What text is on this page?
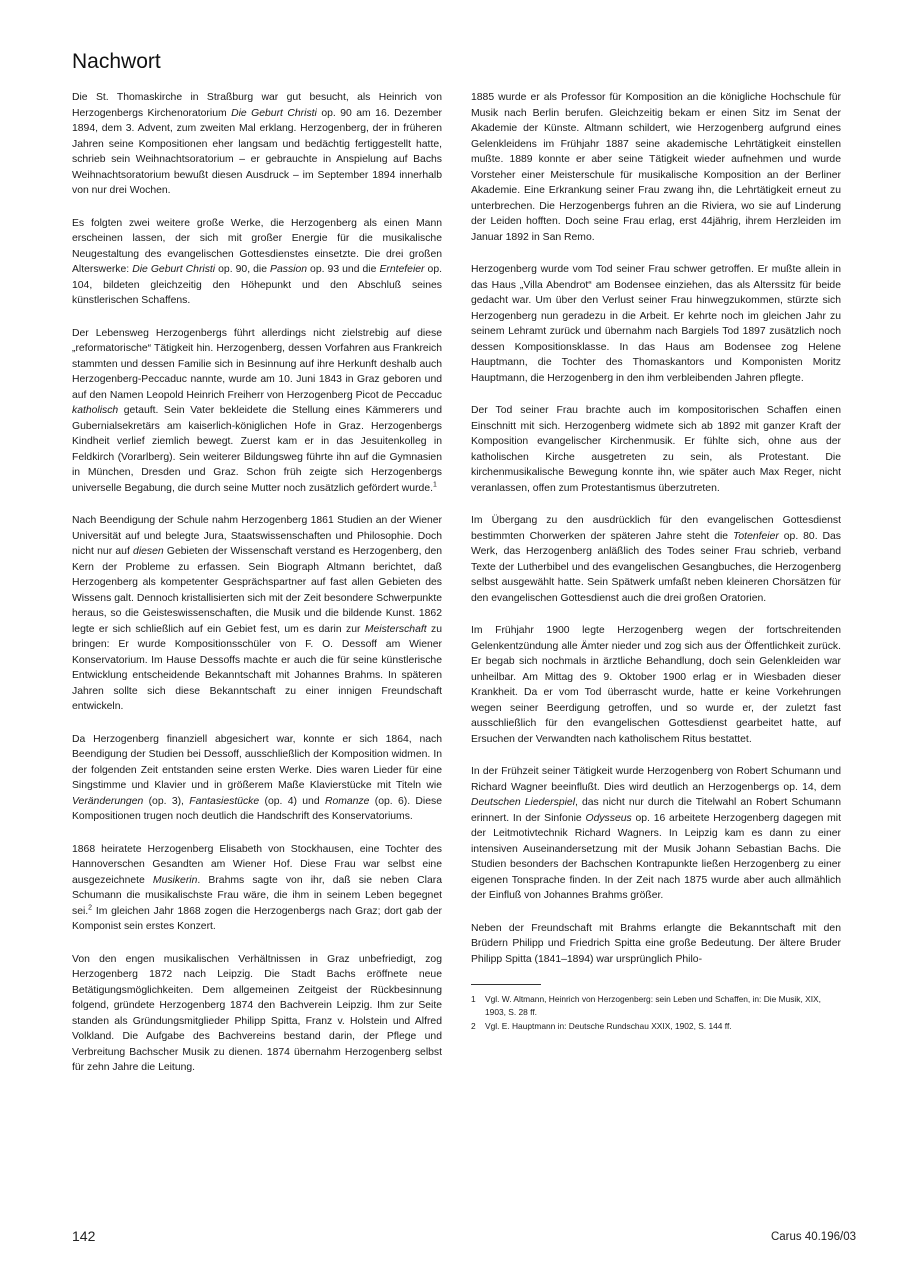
Nachwort

Die St. Thomaskirche in Straßburg war gut besucht, als Heinrich von Herzogenbergs Kirchenoratorium Die Geburt Christi op. 90 am 16. Dezember 1894, dem 3. Advent, zum zweiten Mal erklang. Herzogenberg, der in früheren Jahren seine Kompositionen eher langsam und bedächtig fertiggestellt hatte, schrieb sein Weihnachtsoratorium – er gebrauchte in Anspielung auf Bachs Weihnachtsoratorium bewußt diesen Ausdruck – im September 1894 innerhalb von nur drei Wochen.

Es folgten zwei weitere große Werke, die Herzogenberg als einen Mann erscheinen lassen, der sich mit großer Energie für die musikalische Neugestaltung des evangelischen Gottesdienstes einsetzte. Die drei großen Alterswerke: Die Geburt Christi op. 90, die Passion op. 93 und die Erntefeier op. 104, bildeten gleichzeitig den Höhepunkt und den Abschluß seines künstlerischen Schaffens.

Der Lebensweg Herzogenbergs führt allerdings nicht zielstrebig auf diese „reformatorische“ Tätigkeit hin. Herzogenberg, dessen Vorfahren aus Frankreich stammten und dessen Familie sich in Besinnung auf ihre Herkunft deshalb auch Herzogenberg-Peccaduc nannte, wurde am 10. Juni 1843 in Graz geboren und auf den Namen Leopold Heinrich Freiherr von Herzogenberg Picot de Peccaduc katholisch getauft. Sein Vater bekleidete die Stellung eines Kämmerers und Gubernialsekretärs am kaiserlich-königlichen Hofe in Graz. Herzogenbergs Kindheit verlief ziemlich bewegt. Zuerst kam er in das Jesuitenkolleg in Feldkirch (Vorarlberg). Sein weiterer Bildungsweg führte ihn auf die Gymnasien in München, Dresden und Graz. Schon früh zeigte sich Herzogenbergs universelle Begabung, die durch seine Mutter noch zusätzlich gefördert wurde.$^1$

Nach Beendigung der Schule nahm Herzogenberg 1861 Studien an der Wiener Universität auf und belegte Jura, Staatswissenschaften und Philosophie. Doch nicht nur auf diesen Gebieten der Wissenschaft verstand es Herzogenberg, den Kern der Probleme zu erfassen. Sein Biograph Altmann berichtet, daß Herzogenberg als kompetenter Gesprächspartner auf fast allen Gebieten des Wissens galt. Dennoch kristallisierten sich mit der Zeit besondere Schwerpunkte heraus, so die Geisteswissenschaften, die Musik und die bildende Kunst. 1862 legte er sich schließlich auf ein Gebiet fest, um es darin zur Meisterschaft zu bringen: Er wurde Kompositionsschüler von F. O. Dessoff am Wiener Konservatorium. Im Hause Dessoffs machte er auch die für seine künstlerische Entwicklung entscheidende Bekanntschaft mit Johannes Brahms. In späteren Jahren sollte sich diese Bekanntschaft zu einer innigen Freundschaft entwickeln.

Da Herzogenberg finanziell abgesichert war, konnte er sich 1864, nach Beendigung der Studien bei Dessoff, ausschließlich der Komposition widmen. In der folgenden Zeit entstanden seine ersten Werke. Dies waren Lieder für eine Singstimme und Klavier und in größerem Maße Klavierstücke mit Titeln wie Veränderungen (op. 3), Fantasiestücke (op. 4) und Romanze (op. 6). Diese Kompositionen trugen noch deutlich die Handschrift des Konservatoriums.

1868 heiratete Herzogenberg Elisabeth von Stockhausen, eine Tochter des Hannoverschen Gesandten am Wiener Hof. Diese Frau war selbst eine ausgezeichnete Musikerin. Brahms sagte von ihr, daß sie neben Clara Schumann die musikalischste Frau wäre, die ihm in seinem Leben begegnet sei.$^2$ Im gleichen Jahr 1868 zogen die Herzogenbergs nach Graz; dort gab der Komponist sein erstes Konzert.

Von den engen musikalischen Verhältnissen in Graz unbefriedigt, zog Herzogenberg 1872 nach Leipzig. Die Stadt Bachs eröffnete neue Betätigungsmöglichkeiten. Dem allgemeinen Zeitgeist der Rückbesinnung folgend, gründete Herzogenberg 1874 den Bachverein Leipzig. Ihm zur Seite standen als Gründungsmitglieder Philipp Spitta, Franz v. Holstein und Alfred Volkland. Die Aufgabe des Bachvereins bestand darin, der Pflege und Verbreitung Bachscher Musik zu dienen. 1874 übernahm Herzogenberg selbst für zehn Jahre die Leitung.

1885 wurde er als Professor für Komposition an die königliche Hochschule für Musik nach Berlin berufen. Gleichzeitig bekam er einen Sitz im Senat der Akademie der Künste. Altmann schildert, wie Herzogenberg aufgrund eines Gelenkleidens im Frühjahr 1887 seine akademische Lehrtätigkeit einstellen mußte. 1889 konnte er aber seine Tätigkeit wieder aufnehmen und wurde Vorsteher einer Meisterschule für musikalische Komposition an der Berliner Akademie. Eine Erkrankung seiner Frau zwang ihn, die Lehrtätigkeit erneut zu unterbrechen. Die Herzogenbergs fuhren an die Riviera, wo sie auf Linderung der Leiden hofften. Doch seine Frau erlag, erst 44jährig, ihrem Herzleiden im Januar 1892 in San Remo.

Herzogenberg wurde vom Tod seiner Frau schwer getroffen. Er mußte allein in das Haus „Villa Abendrot“ am Bodensee einziehen, das als Alterssitz für beide gedacht war. Um über den Verlust seiner Frau hinwegzukommen, stürzte sich Herzogenberg nun geradezu in die Arbeit. Er kehrte noch im gleichen Jahr zu seinem Lehramt zurück und übernahm nach Bargiels Tod 1897 zusätzlich noch dessen Kompositionsklasse. In das Haus am Bodensee zog Helene Hauptmann, die Tochter des Thomaskantors und Komponisten Moritz Hauptmann, die Herzogenberg in den ihm verbleibenden Jahren pflegte.

Der Tod seiner Frau brachte auch im kompositorischen Schaffen einen Einschnitt mit sich. Herzogenberg widmete sich ab 1892 mit ganzer Kraft der Komposition evangelischer Kirchenmusik. Er fühlte sich, ohne aus der katholischen Kirche ausgetreten zu sein, als Protestant. Die kirchenmusikalische Bewegung konnte ihn, wie später auch Max Reger, nicht veranlassen, offen zum Protestantismus überzutreten.

Im Übergang zu den ausdrücklich für den evangelischen Gottesdienst bestimmten Chorwerken der späteren Jahre steht die Totenfeier op. 80. Das Werk, das Herzogenberg anläßlich des Todes seiner Frau schrieb, verband Texte der Lutherbibel und des evangelischen Gesangbuches, die Herzogenberg selbst ausgewählt hatte. Sein Spätwerk umfaßt neben kleineren Chorsätzen für den evangelischen Gottesdienst auch die drei großen Oratorien.

Im Frühjahr 1900 legte Herzogenberg wegen der fortschreitenden Gelenkentzündung alle Ämter nieder und zog sich aus der Öffentlichkeit zurück. Er begab sich nochmals in ärztliche Behandlung, doch sein Gelenkleiden war unheilbar. Am Mittag des 9. Oktober 1900 erlag er in Wiesbaden dieser Krankheit. Da er vom Tod überrascht wurde, hatte er keine Vorkehrungen wegen seiner Beerdigung getroffen, und so wurde er, der zuletzt fast ausschließlich für den evangelischen Gottesdienst gearbeitet hatte, auf Ersuchen der Verwandten nach katholischem Ritus bestattet.

In der Frühzeit seiner Tätigkeit wurde Herzogenberg von Robert Schumann und Richard Wagner beeinflußt. Dies wird deutlich an Herzogenbergs op. 14, dem Deutschen Liederspiel, das nicht nur durch die Titelwahl an Robert Schumann erinnert. In der Sinfonie Odysseus op. 16 arbeitete Herzogenberg dagegen mit der Leitmotivtechnik Richard Wagners. In Leipzig kam es dann zu einer intensiven Auseinandersetzung mit der Musik Johann Sebastian Bachs. Die Studien besonders der Bachschen Kontrapunkte ließen Herzogenberg zu einer eigenen Tonsprache finden. In der Zeit nach 1875 wurde aber auch allmählich der Einfluß von Johannes Brahms größer.

Neben der Freundschaft mit Brahms erlangte die Bekanntschaft mit den Brüdern Philipp und Friedrich Spitta eine große Bedeutung. Der ältere Bruder Philipp Spitta (1841–1894) war ursprünglich Philo-

1	Vgl. W. Altmann, Heinrich von Herzogenberg: sein Leben und Schaffen, in: Die Musik, XIX, 1903, S. 28 ff.
2	Vgl. E. Hauptmann in: Deutsche Rundschau XXIX, 1902, S. 144 ff.
142	Carus 40.196/03
